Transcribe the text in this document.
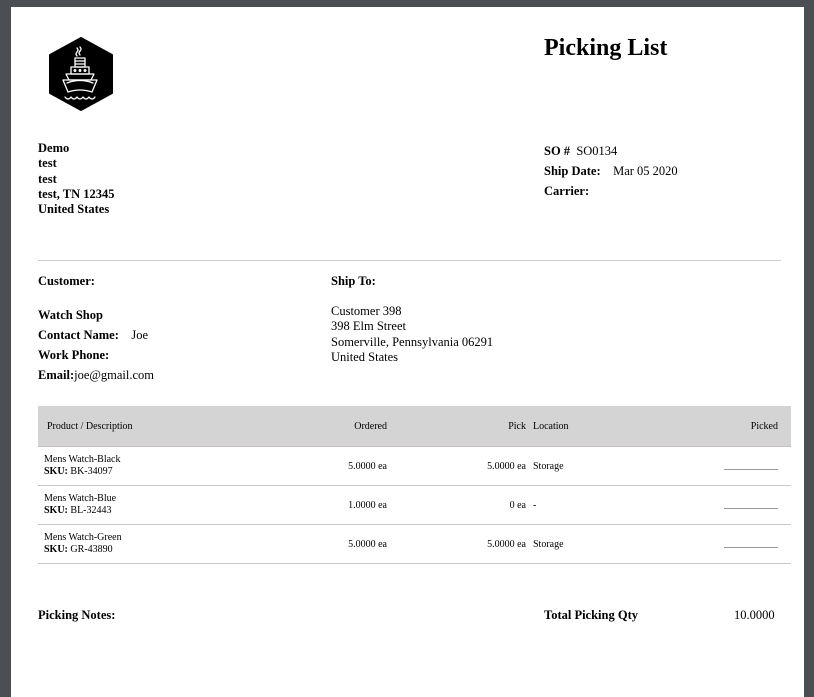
Picking List
Demo
test
test
test, TN 12345
United States
SO # SO0134
Ship Date: Mar 05 2020
Carrier:
Customer:
Watch Shop
Contact Name: Joe
Work Phone:
Email:joe@gmail.com
Ship To:
Customer 398
398 Elm Street
Somerville, Pennsylvania 06291
United States
Product / Description	Ordered	Pick	Location	Picked

Mens Watch-Black
SKU: BK-34097	5.0000 ea	5.0000 ea	Storage	

Mens Watch-Blue
SKU: BL-32443	1.0000 ea	0 ea	-	

Mens Watch-Green
SKU: GR-43890	5.0000 ea	5.0000 ea	Storage	
Picking Notes:	Total Picking Qty	10.0000
